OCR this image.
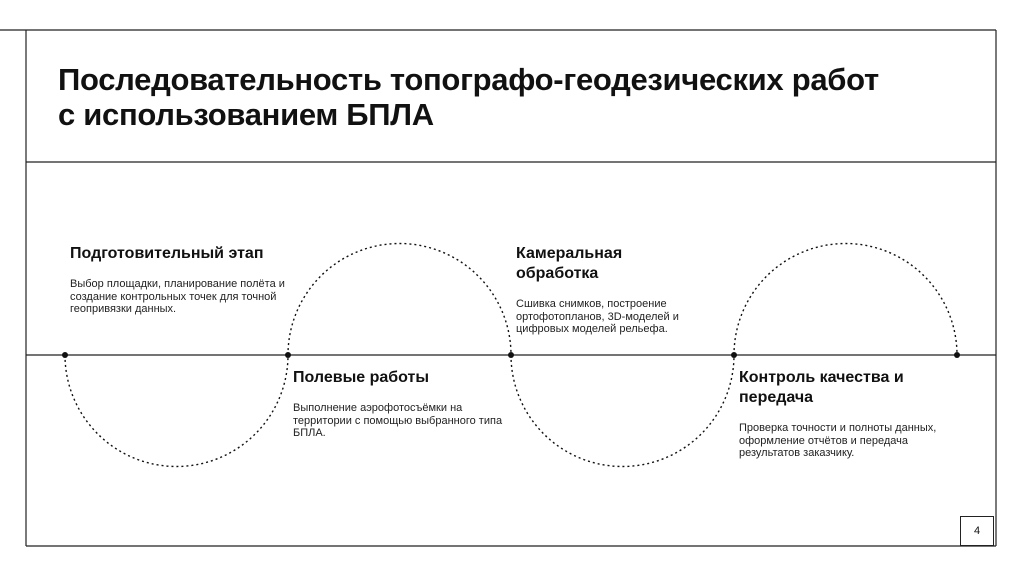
Последовательность топографо-геодезических работ
с использованием БПЛА

Подготовительный этап

Выбор площадки, планирование полёта и создание контрольных точек для точной геопривязки данных.

Полевые работы

Выполнение аэрофотосъёмки на территории с помощью выбранного типа БПЛА.

Камеральная обработка

Сшивка снимков, построение ортофотопланов, 3D-моделей и цифровых моделей рельефа.

Контроль качества и передача

Проверка точности и полноты данных, оформление отчётов и передача результатов заказчику.

4
